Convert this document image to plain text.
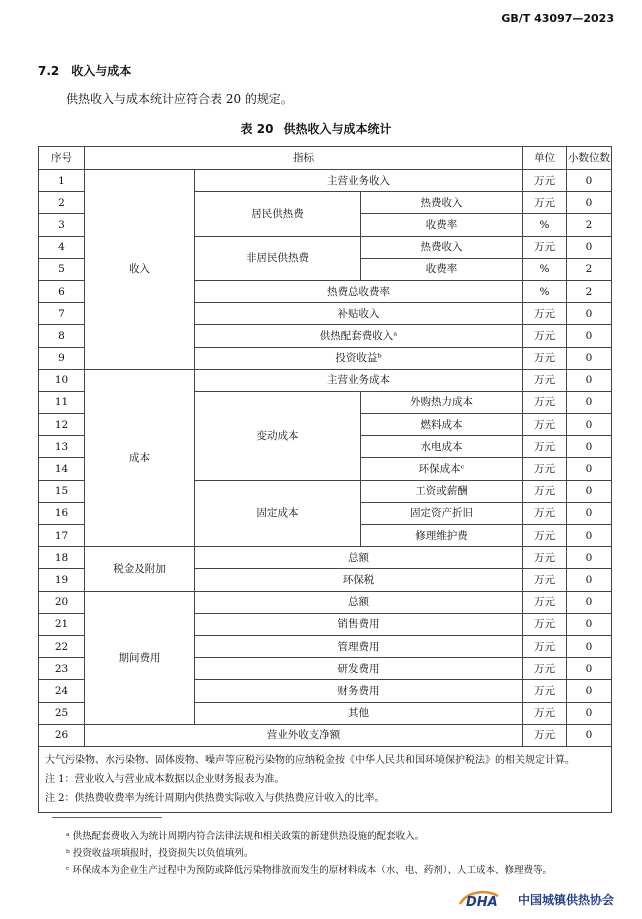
GB/T 43097—2023
7.2 收入与成本
供热收入与成本统计应符合表 20 的规定。
表 20 供热收入与成本统计
序号	指标			单位	小数位数
1	收入	主营业务收入		万元	0
2		居民供热费	热费收入	万元	0
3			收费率	%	2
4		非居民供热费	热费收入	万元	0
5			收费率	%	2
6		热费总收费率		%	2
7		补贴收入		万元	0
8		供热配套费收入ᵃ		万元	0
9		投资收益ᵇ		万元	0
10	成本	主营业务成本		万元	0
11		变动成本	外购热力成本	万元	0
12			燃料成本	万元	0
13			水电成本	万元	0
14			环保成本ᶜ	万元	0
15		固定成本	工资或薪酬	万元	0
16			固定资产折旧	万元	0
17			修理维护费	万元	0
18	税金及附加	总额		万元	0
19		环保税		万元	0
20	期间费用	总额		万元	0
21		销售费用		万元	0
22		管理费用		万元	0
23		研发费用		万元	0
24		财务费用		万元	0
25		其他		万元	0
26	营业外收支净额			万元	0

大气污染物、水污染物、固体废物、噪声等应税污染物的应纳税金按《中华人民共和国环境保护税法》的相关规定计算。
注 1：营业收入与营业成本数据以企业财务报表为准。
注 2：供热费收费率为统计周期内供热费实际收入与供热费应计收入的比率。					
ᵃ 供热配套费收入为统计周期内符合法律法规和相关政策的新建供热设施的配套收入。
ᵇ 投资收益项填报时，投资损失以负值填列。
ᶜ 环保成本为企业生产过程中为预防或降低污染物排放而发生的原材料成本（水、电、药剂）、人工成本、修理费等。
DHA 中国城镇供热协会
